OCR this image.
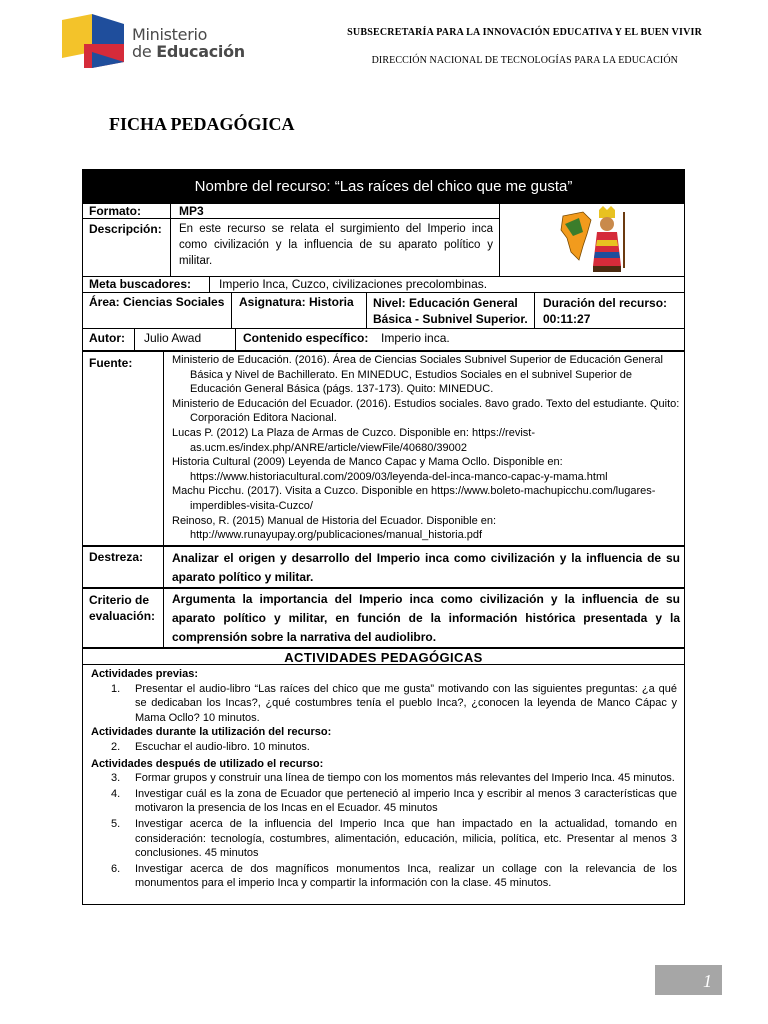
Ministerio
de Educación
SUBSECRETARÍA PARA LA INNOVACIÓN EDUCATIVA Y EL BUEN VIVIR
DIRECCIÓN NACIONAL DE TECNOLOGÍAS PARA LA EDUCACIÓN
FICHA PEDAGÓGICA
Nombre del recurso: “Las raíces del chico que me gusta”
Formato:	MP3
Descripción: En este recurso se relata el surgimiento del Imperio inca como civilización y la influencia de su aparato político y militar.
Meta buscadores: Imperio Inca, Cuzco, civilizaciones precolombinas.
Área: Ciencias Sociales Asignatura: Historia Nivel: Educación General Básica - Subnivel Superior.
Duración del recurso:
00:11:27
Autor: Julio Awad	Contenido específico: Imperio inca.
Fuente:	Ministerio de Educación. (2016). Área de Ciencias Sociales Subnivel Superior de Educación General Básica y Nivel de Bachillerato. En MINEDUC, Estudios Sociales en el subnivel Superior de Educación General Básica (págs. 137-173). Quito: MINEDUC.
Ministerio de Educación del Ecuador. (2016). Estudios sociales. 8avo grado. Texto del estudiante. Quito: Corporación Editora Nacional.
Lucas P. (2012) La Plaza de Armas de Cuzco. Disponible en: https://revist-as.ucm.es/index.php/ANRE/article/viewFile/40680/39002
Historia Cultural (2009) Leyenda de Manco Capac y Mama Ocllo. Disponible en: https://www.historiacultural.com/2009/03/leyenda-del-inca-manco-capac-y-mama.html
Machu Picchu. (2017). Visita a Cuzco. Disponible en https://www.boleto-machupicchu.com/lugares-imperdibles-visita-Cuzco/
Reinoso, R. (2015) Manual de Historia del Ecuador. Disponible en: http://www.runayupay.org/publicaciones/manual_historia.pdf
Destreza: Analizar el origen y desarrollo del Imperio inca como civilización y la influencia de su aparato político y militar.
Criterio de evaluación:
Argumenta la importancia del Imperio inca como civilización y la influencia de su aparato político y militar, en función de la información histórica presentada y la comprensión sobre la narrativa del audiolibro.
ACTIVIDADES PEDAGÓGICAS
Actividades previas:
1.	Presentar el audio-libro “Las raíces del chico que me gusta” motivando con las siguientes preguntas: ¿a qué se dedicaban los Incas?, ¿qué costumbres tenía el pueblo Inca?, ¿conocen la leyenda de Manco Cápac y Mama Ocllo? 10 minutos.
Actividades durante la utilización del recurso:
2.	Escuchar el audio-libro. 10 minutos.
Actividades después de utilizado el recurso:
3.	Formar grupos y construir una línea de tiempo con los momentos más relevantes del Imperio Inca. 45 minutos.
4.	Investigar cuál es la zona de Ecuador que perteneció al imperio Inca y escribir al menos 3 características que motivaron la presencia de los Incas en el Ecuador. 45 minutos
5.	Investigar acerca de la influencia del Imperio Inca que han impactado en la actualidad, tomando en consideración: tecnología, costumbres, alimentación, educación, milicia, política, etc. Presentar al menos 3 conclusiones. 45 minutos
6.	Investigar acerca de dos magníficos monumentos Inca, realizar un collage con la relevancia de los monumentos para el imperio Inca y compartir la información con la clase. 45 minutos.
1
